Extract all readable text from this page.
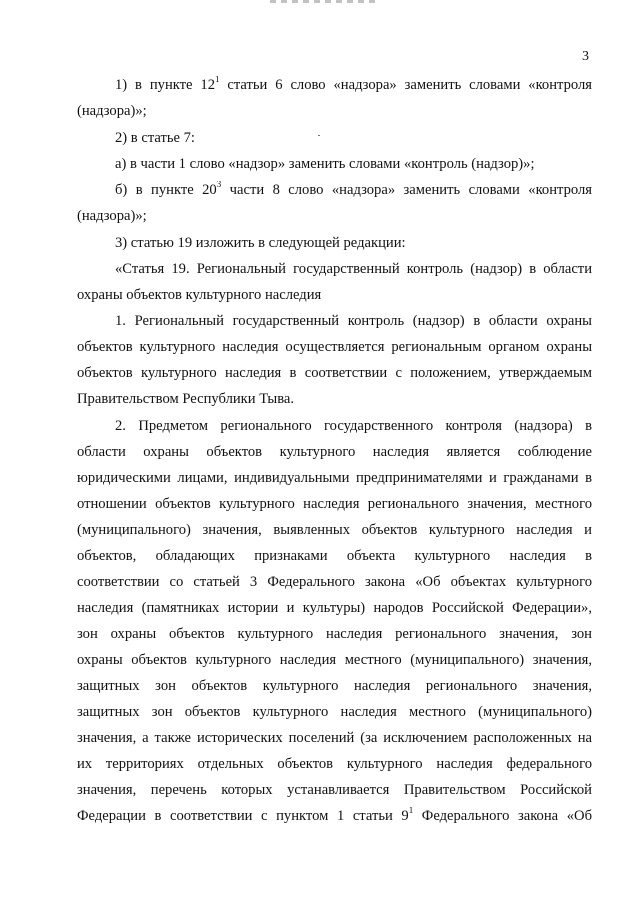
3
1) в пункте $12^1$ статьи 6 слово «надзора» заменить словами «контроля
(надзора)»;
2) в статье 7:
а) в части 1 слово «надзор» заменить словами «контроль (надзор)»;
б) в пункте $20^3$ части 8 слово «надзора» заменить словами «контроля
(надзора)»;
3) статью 19 изложить в следующей редакции:
«Статья 19. Региональный государственный контроль (надзор) в области
охраны объектов культурного наследия
1. Региональный государственный контроль (надзор) в области охраны
объектов культурного наследия осуществляется региональным органом охраны
объектов культурного наследия в соответствии с положением, утверждаемым
Правительством Республики Тыва.
2. Предметом регионального государственного контроля (надзора) в
области охраны объектов культурного наследия является соблюдение
юридическими лицами, индивидуальными предпринимателями и гражданами в
отношении объектов культурного наследия регионального значения, местного
(муниципального) значения, выявленных объектов культурного наследия и
объектов, обладающих признаками объекта культурного наследия в
соответствии со статьей 3 Федерального закона «Об объектах культурного
наследия (памятниках истории и культуры) народов Российской Федерации»,
зон охраны объектов культурного наследия регионального значения, зон
охраны объектов культурного наследия местного (муниципального) значения,
защитных зон объектов культурного наследия регионального значения,
защитных зон объектов культурного наследия местного (муниципального)
значения, а также исторических поселений (за исключением расположенных на
их территориях отдельных объектов культурного наследия федерального
значения, перечень которых устанавливается Правительством Российской
Федерации в соответствии с пунктом 1 статьи $9^1$ Федерального закона «Об
